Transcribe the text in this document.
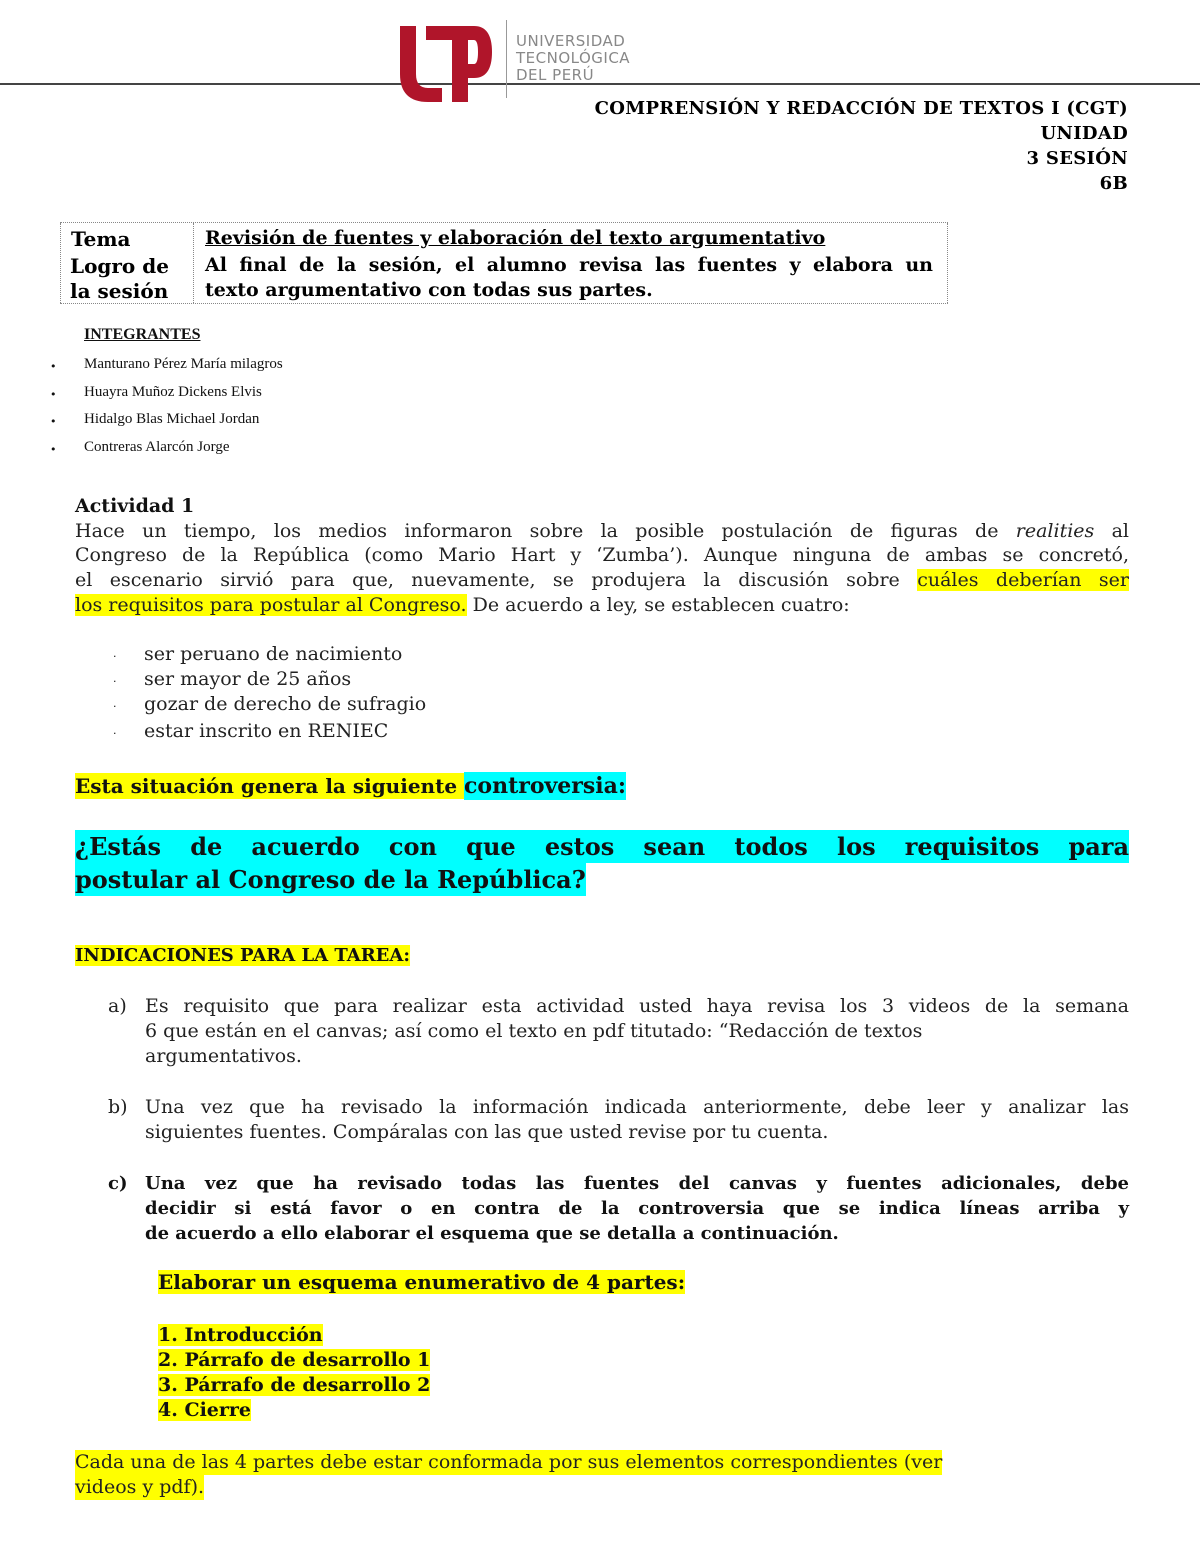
UNIVERSIDAD
TECNOLÓGICA
DEL PERÚ
COMPRENSIÓN Y REDACCIÓN DE TEXTOS I (CGT)
UNIDAD
3 SESIÓN
6B
Tema	Revisión de fuentes y elaboración del texto argumentativo
Logro de
la sesión
Al final de la sesión, el alumno revisa las fuentes y elabora un
texto argumentativo con todas sus partes.
INTEGRANTES
• Manturano Pérez María milagros
• Huayra Muñoz Dickens Elvis
• Hidalgo Blas Michael Jordan
• Contreras Alarcón Jorge
Actividad 1
Hace un tiempo, los medios informaron sobre la posible postulación de figuras de realities al
Congreso de la República (como Mario Hart y ‘Zumba’). Aunque ninguna de ambas se concretó,
el escenario sirvió para que, nuevamente, se produjera la discusión sobre cuáles deberían ser
los requisitos para postular al Congreso. De acuerdo a ley, se establecen cuatro:
· ser peruano de nacimiento
· ser mayor de 25 años
· gozar de derecho de sufragio
· estar inscrito en RENIEC
Esta situación genera la siguiente controversia:
¿Estás de acuerdo con que estos sean todos los requisitos para
postular al Congreso de la República?
INDICACIONES PARA LA TAREA:
a) Es requisito que para realizar esta actividad usted haya revisa los 3 videos de la semana
6 que están en el canvas; así como el texto en pdf titutado: “Redacción de textos
argumentativos.
b) Una vez que ha revisado la información indicada anteriormente, debe leer y analizar las
siguientes fuentes. Compáralas con las que usted revise por tu cuenta.
c) Una vez que ha revisado todas las fuentes del canvas y fuentes adicionales, debe
decidir si está favor o en contra de la controversia que se indica líneas arriba y
de acuerdo a ello elaborar el esquema que se detalla a continuación.
Elaborar un esquema enumerativo de 4 partes:
1. Introducción
2. Párrafo de desarrollo 1
3. Párrafo de desarrollo 2
4. Cierre
Cada una de las 4 partes debe estar conformada por sus elementos correspondientes (ver
videos y pdf).
